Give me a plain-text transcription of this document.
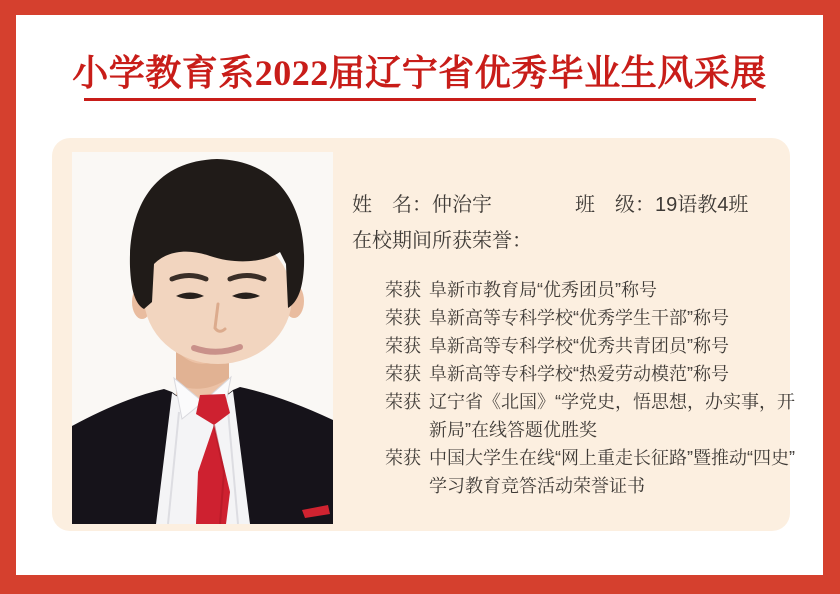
小学教育系2022届辽宁省优秀毕业生风采展
姓　名：仲治宇	班　级：19语教4班
在校期间所获荣誉：
荣获 阜新市教育局“优秀团员”称号
荣获 阜新高等专科学校“优秀学生干部”称号
荣获 阜新高等专科学校“优秀共青团员”称号
荣获 阜新高等专科学校“热爱劳动模范”称号
荣获 辽宁省《北国》“学党史，悟思想，办实事，开
新局”在线答题优胜奖
荣获 中国大学生在线“网上重走长征路”暨推动“四史”
学习教育竞答活动荣誉证书
